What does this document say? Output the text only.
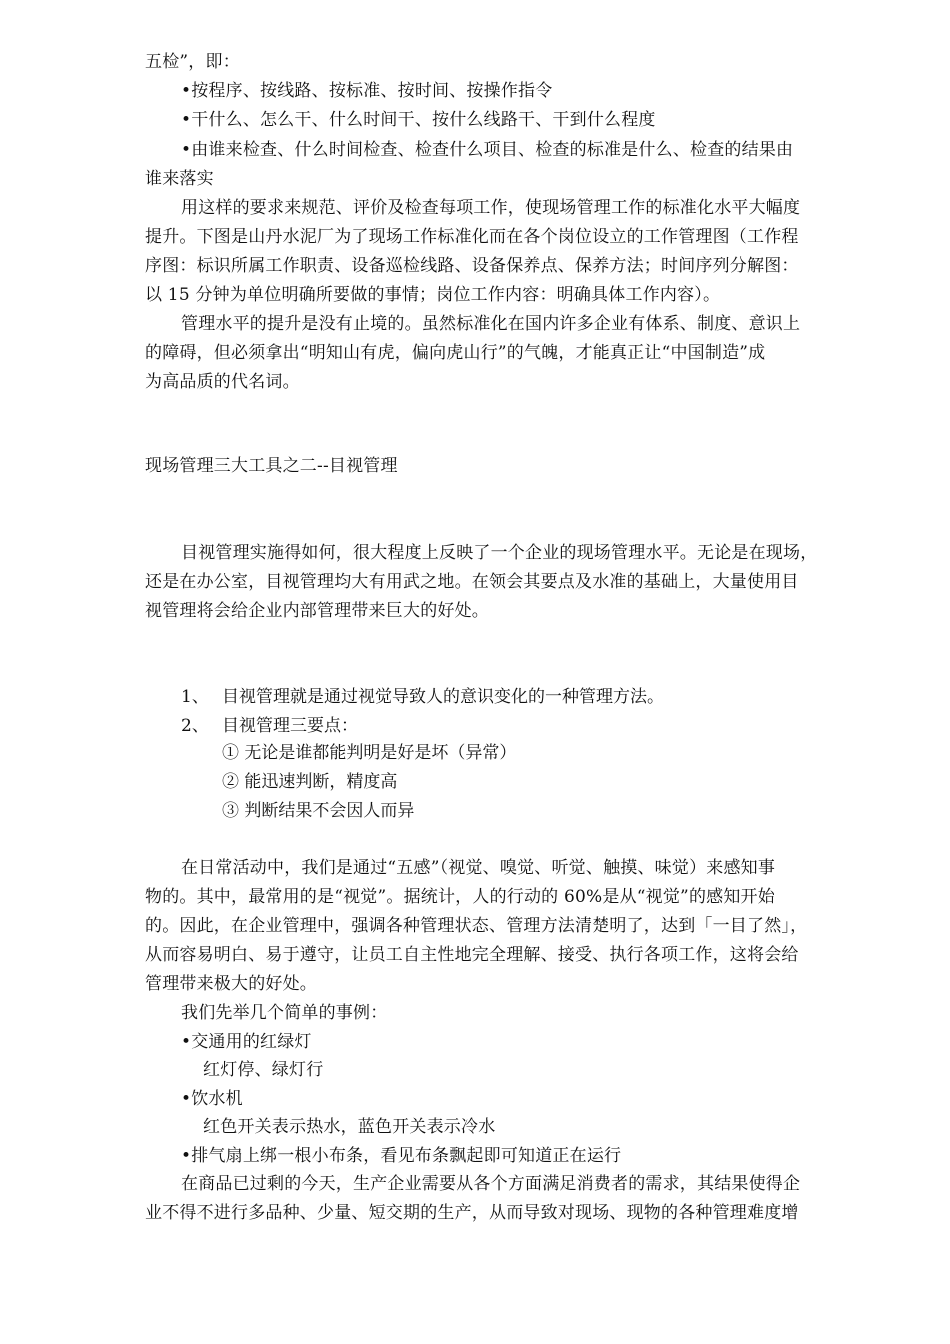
五检”，即：
•按程序、按线路、按标准、按时间、按操作指令
•干什么、怎么干、什么时间干、按什么线路干、干到什么程度
•由谁来检查、什么时间检查、检查什么项目、检查的标准是什么、检查的结果由
谁来落实
用这样的要求来规范、评价及检查每项工作，使现场管理工作的标准化水平大幅度
提升。下图是山丹水泥厂为了现场工作标准化而在各个岗位设立的工作管理图（工作程
序图：标识所属工作职责、设备巡检线路、设备保养点、保养方法；时间序列分解图：
以 15 分钟为单位明确所要做的事情；岗位工作内容：明确具体工作内容）。
管理水平的提升是没有止境的。虽然标准化在国内许多企业有体系、制度、意识上
的障碍，但必须拿出“明知山有虎，偏向虎山行”的气魄，才能真正让“中国制造”成
为高品质的代名词。
现场管理三大工具之二--目视管理
目视管理实施得如何，很大程度上反映了一个企业的现场管理水平。无论是在现场，
还是在办公室，目视管理均大有用武之地。在领会其要点及水准的基础上，大量使用目
视管理将会给企业内部管理带来巨大的好处。
1、 目视管理就是通过视觉导致人的意识变化的一种管理方法。
2、 目视管理三要点：
① 无论是谁都能判明是好是坏（异常）
② 能迅速判断，精度高
③ 判断结果不会因人而异
在日常活动中，我们是通过“五感”（视觉、嗅觉、听觉、触摸、味觉）来感知事
物的。其中，最常用的是“视觉”。据统计，人的行动的 60%是从“视觉”的感知开始
的。因此，在企业管理中，强调各种管理状态、管理方法清楚明了，达到「一目了然」，
从而容易明白、易于遵守，让员工自主性地完全理解、接受、执行各项工作，这将会给
管理带来极大的好处。
我们先举几个简单的事例：
•交通用的红绿灯
红灯停、绿灯行
•饮水机
红色开关表示热水，蓝色开关表示冷水
•排气扇上绑一根小布条，看见布条飘起即可知道正在运行
在商品已过剩的今天，生产企业需要从各个方面满足消费者的需求，其结果使得企
业不得不进行多品种、少量、短交期的生产，从而导致对现场、现物的各种管理难度增
